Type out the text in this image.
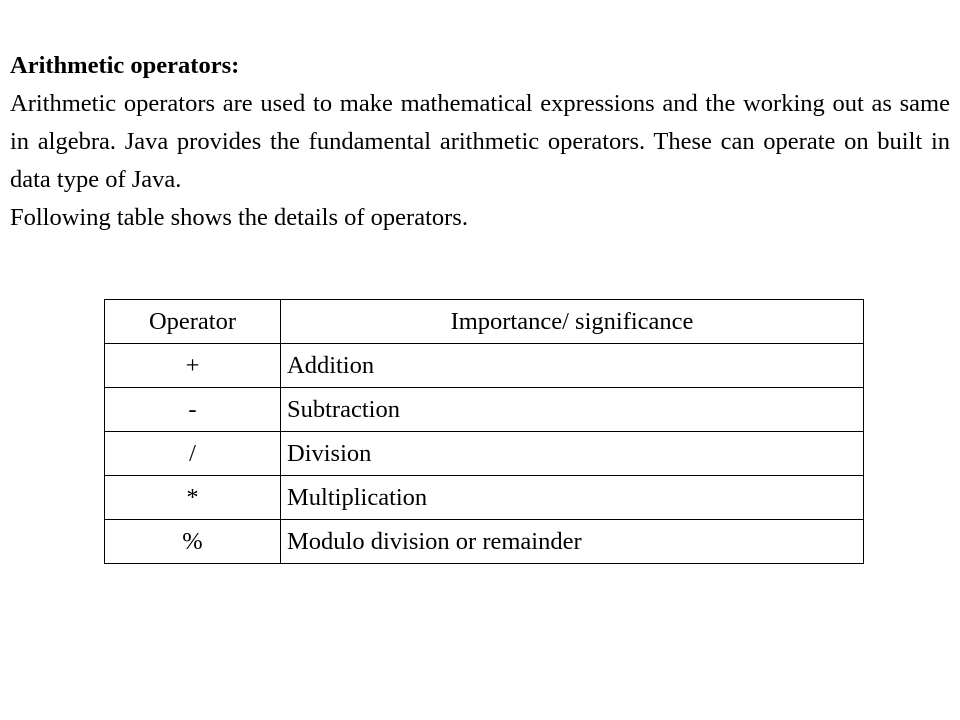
Arithmetic operators:

Arithmetic operators are used to make mathematical expressions and the working out as same in algebra. Java provides the fundamental arithmetic operators. These can operate on built in data type of Java.

Following table shows the details of operators.

Operator	Importance/ significance
+	Addition
-	Subtraction
/	Division
*	Multiplication
%	Modulo division or remainder
